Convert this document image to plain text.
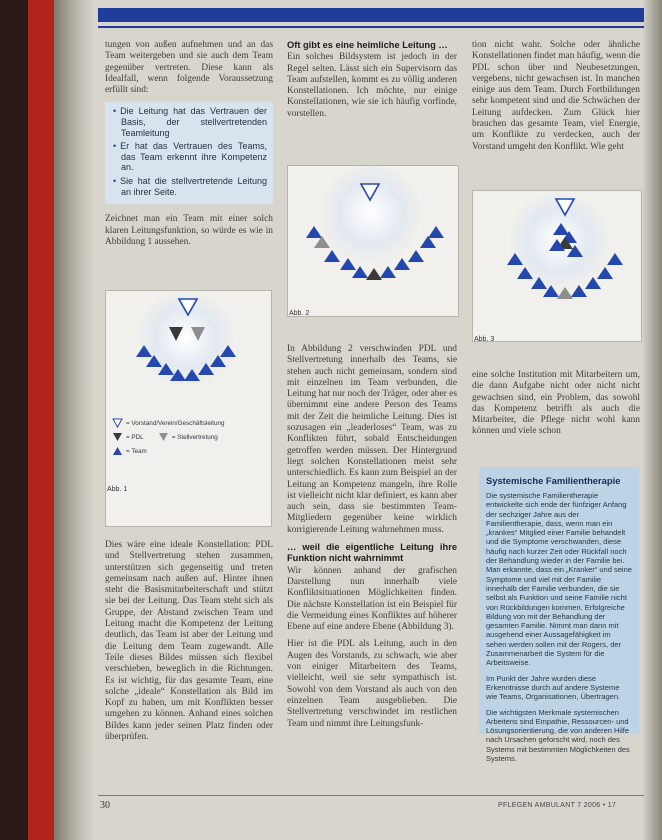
tungen von außen aufnehmen und an das Team weitergeben und sie auch dem Team gegenüber vertreten. Diese kann als Idealfall, wenn folgende Voraussetzung erfüllt sind:

• Die Leitung hat das Vertrauen der Basis, der stellvertretenden Teamleitung
• Er hat das Vertrauen des Teams, das Team erkennt ihre Kompetenz an.
• Sie hat die stellvertretende Leitung an ihrer Seite.

Zeichnet man ein Team mit einer solch klaren Leitungsfunktion, so würde es wie in Abbildung 1 aussehen.

Dies wäre eine ideale Konstellation: PDL und Stellvertretung stehen zusammen, unterstützen sich gegenseitig und treten gemeinsam nach außen auf. Hinter ihnen steht die Basismitarbeiterschaft und stützt sie bei der Leitung. Das Team steht sich als Gruppe, der Abstand zwischen Team und Leitung macht die Kompetenz der Leitung deutlich, das Team ist aber der Leitung und die Leitung dem Team zugewandt. Alle Teile dieses Bildes müssen sich flexibel verschieben, beweglich in die Richtungen. Es ist wichtig, für das gesamte Team, eine solche „ideale“ Konstellation als Bild im Kopf zu haben, um mit Konflikten besser umgehen zu können. Anhand eines solchen Bildes kann jeder seinen Platz finden oder überprüfen.

= Vorstand/Verein/Geschäftsleitung
= PDL	= Stellvertretung
= Team
Abb. 1
Oft gibt es eine heimliche Leitung …

Ein solches Bildsystem ist jedoch in der Regel selten. Lässt sich ein Supervisorn das Team aufstellen, kommt es zu völlig anderen Konstellationen. Ich möchte, nur einige Konstellationen, wie sie ich häufig vorfinde, vorstellen.

Abb. 2

In Abbildung 2 verschwinden PDL und Stellvertretung innerhalb des Teams, sie stehen auch nicht gemeinsam, sondern sind mit einzelnen im Team verbunden, die Leitung hat nur noch der Träger, oder aber es übernimmt eine andere Person des Teams mit der Zeit die heimliche Leitung. Dies ist sozusagen ein „leaderloses“ Team, was zu Konflikten führt, sobald Entscheidungen getroffen werden müssen. Der Hintergrund liegt solchen Konstellationen meist sehr unterschiedlich. Es kann zum Beispiel an der Leitung an Kompetenz mangeln, ihre Rolle ist vielleicht nicht klar definiert, es kann aber auch sein, dass sie bestimmten Team-Mitgliedern gegenüber keine wirklich korrigierende Leitung wahrnehmen muss.

… weil die eigentliche Leitung ihre Funktion nicht wahrnimmt

Wir können anhand der grafischen Darstellung nun innerhalb viele Konfliktsituationen Möglichkeiten finden. Die nächste Konstellation ist ein Beispiel für die Vermeidung eines Konfliktes auf höherer Ebene auf eine andere Ebene (Abbildung 3).

Hier ist die PDL als Leitung, auch in den Augen des Vorstands, zu schwach, wie aber von einiger Mitarbeitern des Teams, vielleicht, weil sie sehr sympathisch ist. Sowohl von dem Vorstand als auch von den einzelnen Team ausgeblieben. Die Stellvertretung verschwindet im restlichen Team und nimmt ihre Leitungsfunk-

tion nicht wahr. Solche oder ähnliche Konstellationen findet man häufig, wenn die PDL schon über und Neubesetzungen, vergebens, nicht gewachsen ist. In manchen einige aus dem Team. Durch Fortbildungen sehr kompetent sind und die Schwächen der Leitung aufdecken. Zum Glück hier brauchen das gesamte Team, viel Energie, um Konflikte zu verdecken, auch der Vorstand umgeht den Konflikt. Wie geht

Abb. 3

eine solche Institution mit Mitarbeitern um, die dann Aufgabe nicht oder nicht nicht gewachsen sind, ein Problem, das sowohl das Kompetenz betrifft als auch die Mitarbeiter, die Pflege nicht wohl kann können und viele schon

Systemische Familientherapie
Die systemische Familientherapie entwickelte sich ende der fünfziger Anfang der sechziger Jahre aus der Familientherapie, dass, wenn man ein „krankes“ Mitglied einer Familie behandelt und die Symptome verschwanden, diese häufig nach kurzer Zeit oder Rückfall noch der Behandlung wieder in der Familie bei. Man erkannte, dass ein „Kranker“ und seine Symptome und viel mit der Familie innerhalb der Familie verbunden, die sie selbst als Funktion und seine Familie nicht von Rückbildungen kommen. Erfolgreiche Bildung von mit der Behandlung der gesamten Familie. Nimmt man dann mit ausgehend einer Aussagefähigkeit im sehen werden sollen mit der Rogers, der Zusammenarbeit die System für die Arbeitsweise.
Im Punkt der Jahre wurden diese Erkenntnisse durch auf andere Systeme wie Teams, Organisationen, Übertragen.
Die wichtigsten Merkmale systemischen Arbeitens sind Empathie, Ressourcen- und Lösungsorientierung, die von anderen Hilfe nach Ursachen geforscht wird, noch des Systems mit bestimmten Möglichkeiten des Systems.
30	PFLEGEN AMBULANT 7 2006 • 17
